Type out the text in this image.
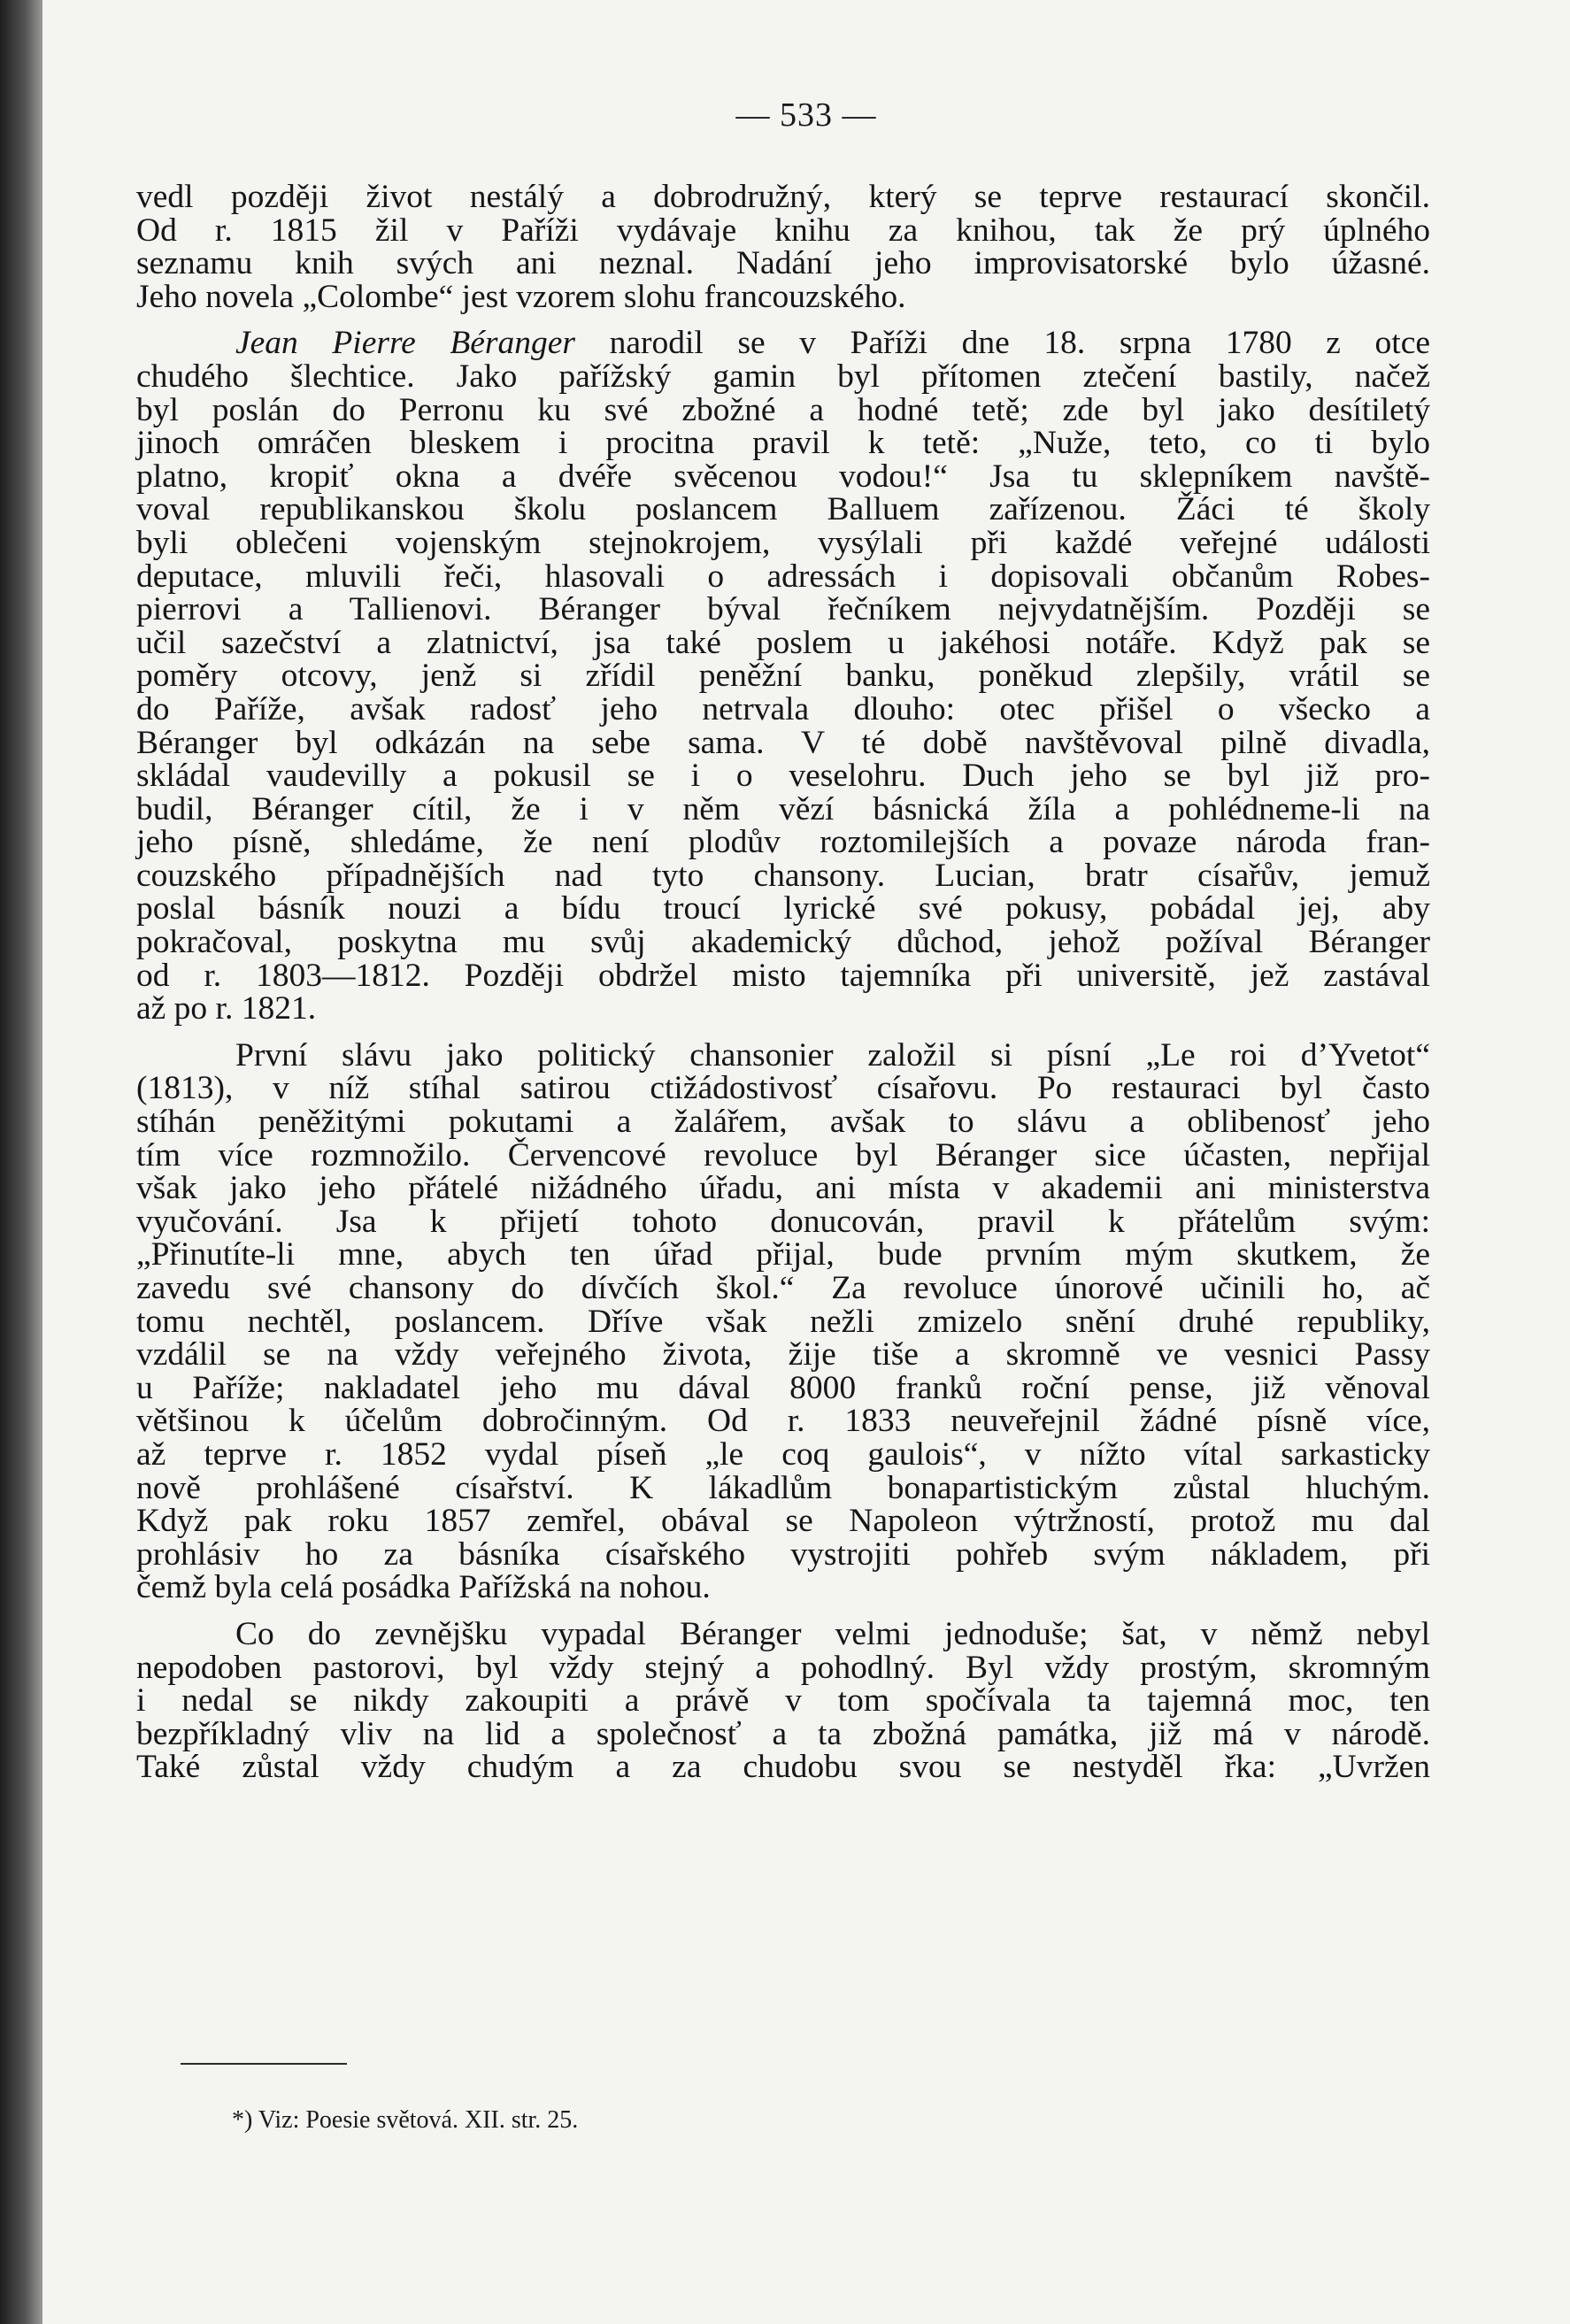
— 533 —
vedl později život nestálý a dobrodružný, který se teprve restaurací skončil.
Od r. 1815 žil v Paříži vydávaje knihu za knihou, tak že prý úplného
seznamu knih svých ani neznal. Nadání jeho improvisatorské bylo úžasné.
Jeho novela „Colombe“ jest vzorem slohu francouzského.
Jean Pierre Béranger narodil se v Paříži dne 18. srpna 1780 z otce
chudého šlechtice. Jako pařížský gamin byl přítomen ztečení bastily, načež
byl poslán do Perronu ku své zbožné a hodné tetě; zde byl jako desítiletý
jinoch omráčen bleskem i procitna pravil k tetě: „Nuže, teto, co ti bylo
platno, kropiť okna a dvéře svěcenou vodou!“ Jsa tu sklepníkem navště-
voval republikanskou školu poslancem Balluem zařízenou. Žáci té školy
byli oblečeni vojenským stejnokrojem, vysýlali při každé veřejné události
deputace, mluvili řeči, hlasovali o adressách i dopisovali občanům Robes-
pierrovi a Tallienovi. Béranger býval řečníkem nejvydatnějším. Později se
učil sazečství a zlatnictví, jsa také poslem u jakéhosi notáře. Když pak se
poměry otcovy, jenž si zřídil peněžní banku, poněkud zlepšily, vrátil se
do Paříže, avšak radosť jeho netrvala dlouho: otec přišel o všecko a
Béranger byl odkázán na sebe sama. V té době navštěvoval pilně divadla,
skládal vaudevilly a pokusil se i o veselohru. Duch jeho se byl již pro-
budil, Béranger cítil, že i v něm vězí básnická žíla a pohlédneme-li na
jeho písně, shledáme, že není plodův roztomilejších a povaze národa fran-
couzského případnějších nad tyto chansony. Lucian, bratr císařův, jemuž
poslal básník nouzi a bídu troucí lyrické své pokusy, pobádal jej, aby
pokračoval, poskytna mu svůj akademický důchod, jehož požíval Béranger
od r. 1803—1812. Později obdržel misto tajemníka při universitě, jež zastával
až po r. 1821.
První slávu jako politický chansonier založil si písní „Le roi d’Yvetot“
(1813), v níž stíhal satirou ctižádostivosť císařovu. Po restauraci byl často
stíhán peněžitými pokutami a žalářem, avšak to slávu a oblibenosť jeho
tím více rozmnožilo. Červencové revoluce byl Béranger sice účasten, nepřijal
však jako jeho přátelé nižádného úřadu, ani místa v akademii ani ministerstva
vyučování. Jsa k přijetí tohoto donucován, pravil k přátelům svým:
„Přinutíte-li mne, abych ten úřad přijal, bude prvním mým skutkem, že
zavedu své chansony do dívčích škol.“ Za revoluce únorové učinili ho, ač
tomu nechtěl, poslancem. Dříve však nežli zmizelo snění druhé republiky,
vzdálil se na vždy veřejného života, žije tiše a skromně ve vesnici Passy
u Paříže; nakladatel jeho mu dával 8000 franků roční pense, již věnoval
většinou k účelům dobročinným. Od r. 1833 neuveřejnil žádné písně více,
až teprve r. 1852 vydal píseň „le coq gaulois“, v nížto vítal sarkasticky
nově prohlášené císařství. K lákadlům bonapartistickým zůstal hluchým.
Když pak roku 1857 zemřel, obával se Napoleon výtržností, protož mu dal
prohlásiv ho za básníka císařského vystrojiti pohřeb svým nákladem, při
čemž byla celá posádka Pařížská na nohou.
Co do zevnějšku vypadal Béranger velmi jednoduše; šat, v němž nebyl
nepodoben pastorovi, byl vždy stejný a pohodlný. Byl vždy prostým, skromným
i nedal se nikdy zakoupiti a právě v tom spočívala ta tajemná moc, ten
bezpříkladný vliv na lid a společnosť a ta zbožná památka, již má v národě.
Také zůstal vždy chudým a za chudobu svou se nestyděl řka: „Uvržen
*) Viz: Poesie světová. XII. str. 25.
